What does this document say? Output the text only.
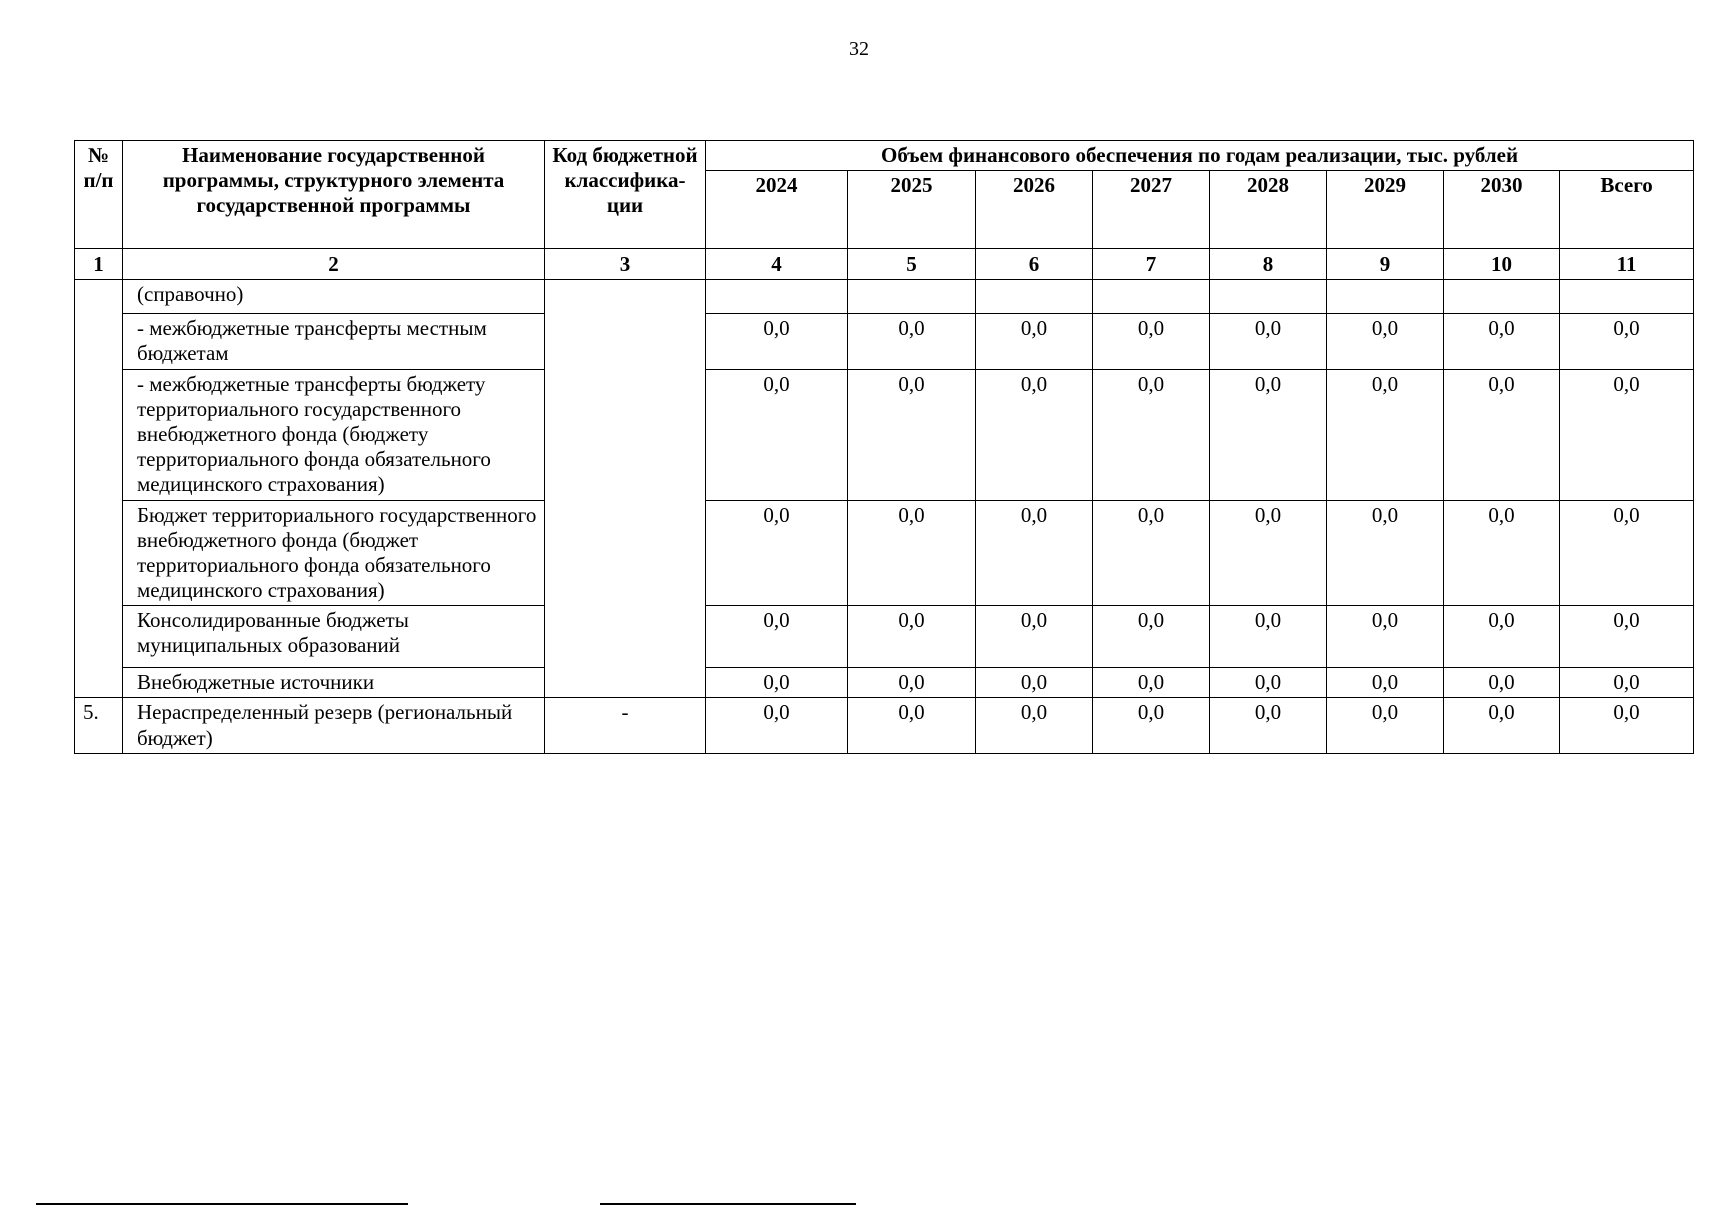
32
№ п/п	Наименование государственной программы, структурного элемента государственной программы	Код бюджетной классифика-ции	Объем финансового обеспечения по годам реализации, тыс. рублей							
			2024	2025	2026	2027	2028	2029	2030	Всего
1	2	3	4	5	6	7	8	9	10	11
	(справочно)									
	- межбюджетные трансферты местным бюджетам		0,0	0,0	0,0	0,0	0,0	0,0	0,0	0,0
	- межбюджетные трансферты бюджету территориального государственного внебюджетного фонда (бюджету территориального фонда обязательного медицинского страхования)		0,0	0,0	0,0	0,0	0,0	0,0	0,0	0,0
	Бюджет территориального государственного внебюджетного фонда (бюджет территориального фонда обязательного медицинского страхования)		0,0	0,0	0,0	0,0	0,0	0,0	0,0	0,0
	Консолидированные бюджеты муниципальных образований		0,0	0,0	0,0	0,0	0,0	0,0	0,0	0,0
	Внебюджетные источники		0,0	0,0	0,0	0,0	0,0	0,0	0,0	0,0
5.	Нераспределенный резерв (региональный бюджет)	-	0,0	0,0	0,0	0,0	0,0	0,0	0,0	0,0
